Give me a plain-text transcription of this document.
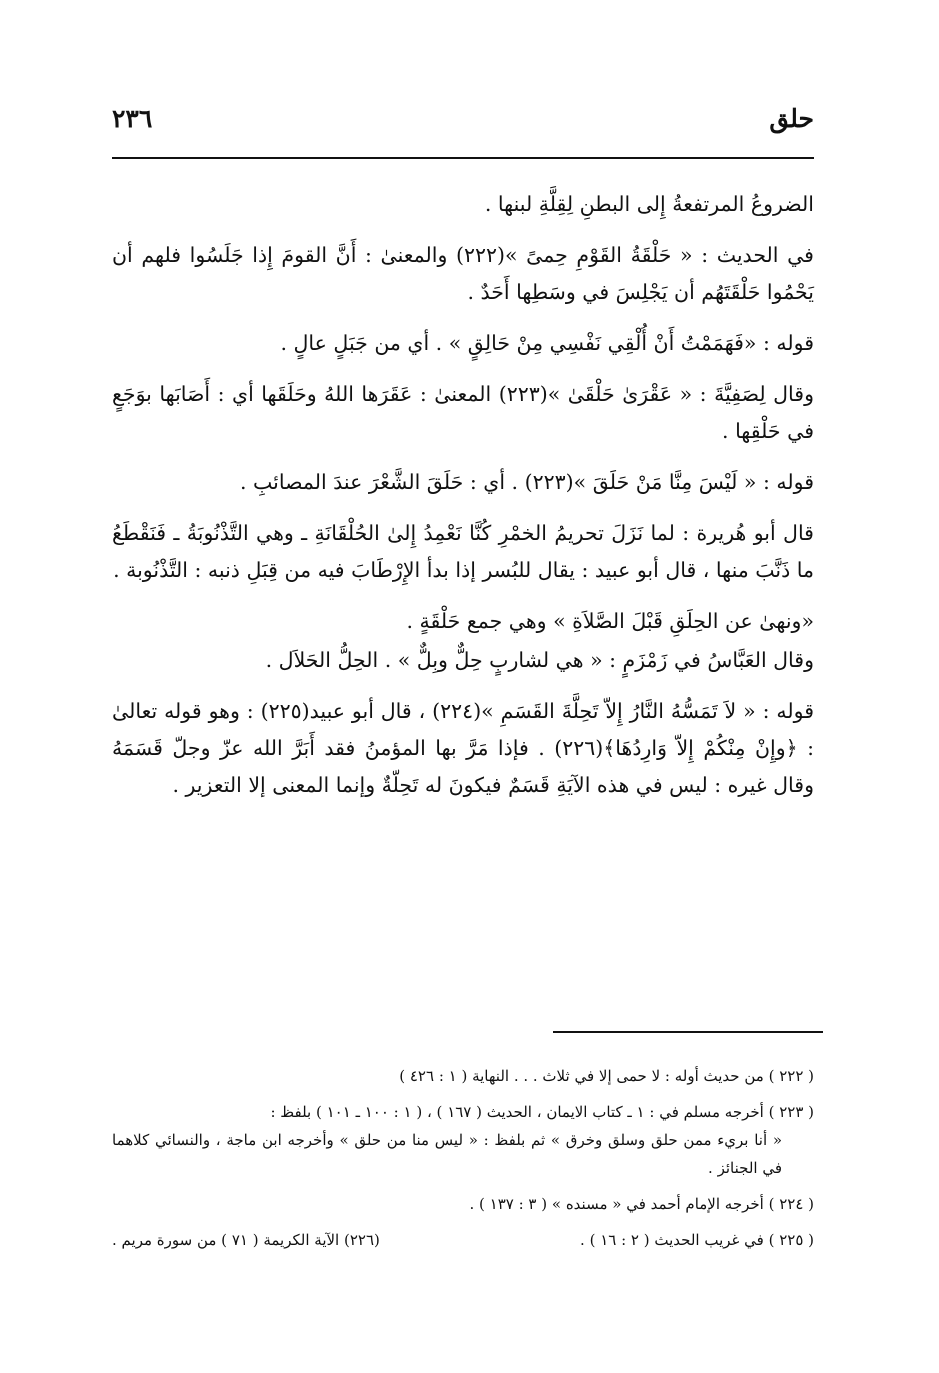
حلق
٢٣٦

الضروعُ المرتفعةُ إِلى البطنِ لِقِلَّةِ لبنها .

في الحديث : « حَلْقَةُ القَوْمِ حِمىً »(٢٢٢) والمعنىٰ : أَنَّ القومَ إِذا جَلَسُوا فلهم أن يَحْمُوا حَلْقَتَهُم أن يَجْلِسَ في وسَطِها أَحَدٌ .

قوله : «فَهَمَمْتُ أَنْ أُلْقِي نَفْسِي مِنْ حَالِقٍ » . أي من جَبَلٍ عالٍ .

وقال لِصَفِيَّةَ : « عَقْرَىٰ حَلْقَىٰ »(٢٢٣) المعنىٰ : عَقَرَها اللهُ وحَلَقَها أي : أَصَابَها بوَجَعٍ في حَلْقِها .

قوله : « لَيْسَ مِنَّا مَنْ حَلَقَ »(٢٢٣) . أي : حَلَقَ الشَّعْرَ عندَ المصائبِ .

قال أبو هُريرة : لما نَزَلَ تحريمُ الخمْرِ كُنَّا نَعْمِدُ إِلىٰ الحُلْقَانَةِ ـ وهي التَّذْنُوبَةُ ـ فَنَقْطَعُ ما ذَنَّبَ منها ، قال أبو عبيد : يقال للبُسر إذا بدأ الإِرْطَابَ فيه من قِبَلِ ذنبه : التَّذْنُوبة .

«ونهىٰ عن الحِلَقِ قَبْلَ الصَّلاَةِ » وهي جمع حَلْقَةٍ .

وقال العَبَّاسُ في زَمْزَمٍ : « هي لشاربٍ حِلٌّ وبِلٌّ » . الحِلُّ الحَلاَل .

قوله : « لاَ تَمَسُّهُ النَّارُ إِلاّ تَحِلَّةَ القَسَمِ »(٢٢٤) ، قال أبو عبيد(٢٢٥) : وهو قوله تعالىٰ : ﴿وإِنْ مِنْكُمْ إِلاّ وَارِدُهَا﴾(٢٢٦) . فإذا مَرَّ بها المؤمنُ فقد أَبَرَّ الله عزّ وجلّ قَسَمَهُ وقال غيره : ليس في هذه الآيَةِ قَسَمٌ فيكونَ له تَحِلّةٌ وإنما المعنى إلا التعزير .

( ٢٢٢ ) من حديث أوله : لا حمى إلا في ثلاث . . . النهاية ( ١ : ٤٢٦ )

( ٢٢٣ ) أخرجه مسلم في : ١ ـ كتاب الايمان ، الحديث ( ١٦٧ ) ، ( ١ : ١٠٠ ـ ١٠١ ) بلفظ :

« أنا بريء ممن حلق وسلق وخرق » ثم بلفظ : « ليس منا من حلق » وأخرجه ابن ماجة ، والنسائي كلاهما في الجنائز .

( ٢٢٤ ) أخرجه الإمام أحمد في « مسنده » ( ٣ : ١٣٧ ) .

( ٢٢٥ ) في غريب الحديث ( ٢ : ١٦ ) .
(٢٢٦) الآية الكريمة ( ٧١ ) من سورة مريم .
